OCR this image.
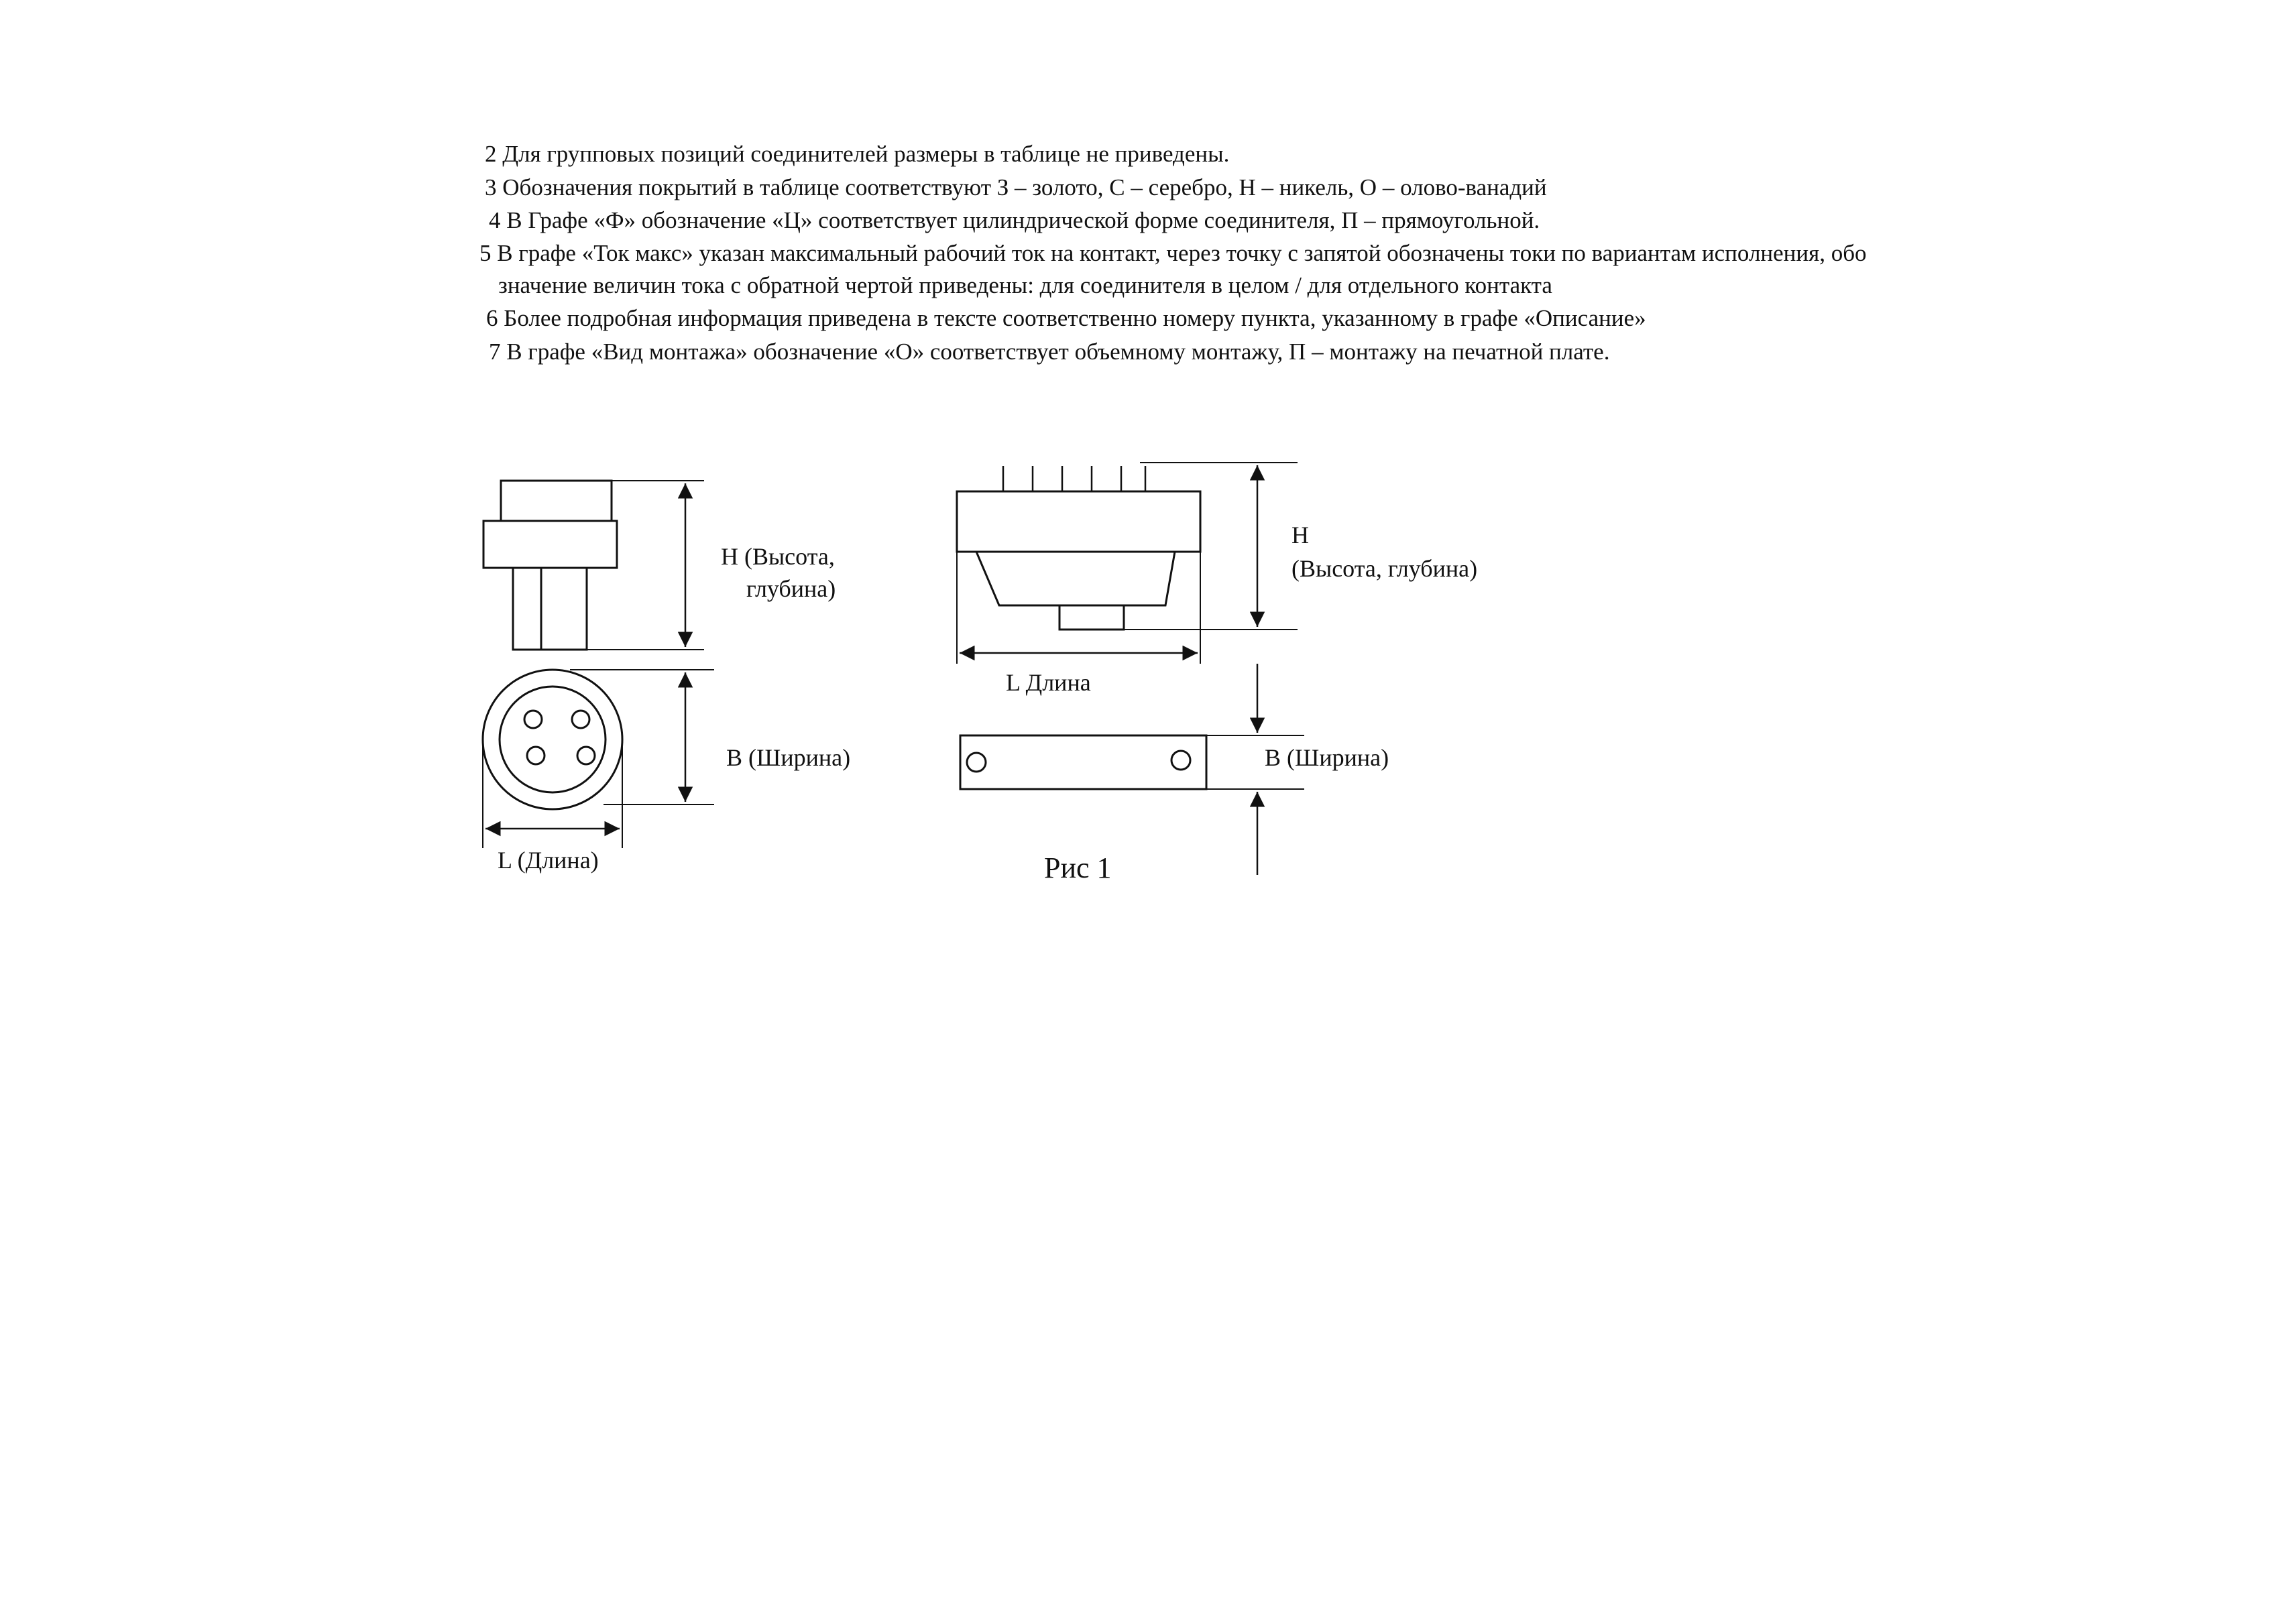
2 Для групповых позиций соединителей размеры в таблице не приведены.
3 Обозначения покрытий в таблице соответствуют З – золото, С – серебро, Н – никель, О – олово-ванадий
4 В Графе «Ф» обозначение «Ц» соответствует цилиндрической форме соединителя, П – прямоугольной.
5 В графе «Ток макс» указан максимальный рабочий ток на контакт, через точку с запятой обозначены токи по вариантам исполнения, обо
значение величин тока с обратной чертой приведены: для соединителя в целом / для отдельного контакта
6 Более подробная информация приведена в тексте соответственно номеру пункта, указанному в графе «Описание»
7 В графе «Вид монтажа» обозначение «О» соответствует объемному монтажу, П – монтажу на печатной плате.
H (Высота,
глубина)
В (Ширина)
L (Длина)
H
(Высота, глубина)
L Длина
В (Ширина)
Рис 1
